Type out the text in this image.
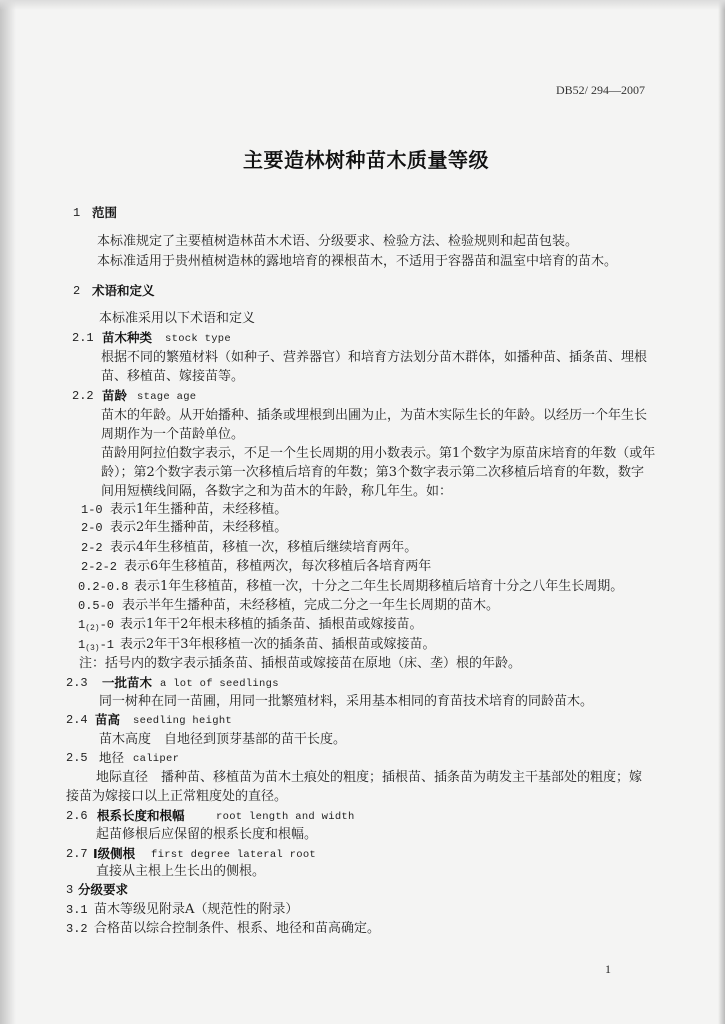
DB52/ 294—2007
主要造林树种苗木质量等级
1 范围
本标准规定了主要植树造林苗木术语、分级要求、检验方法、检验规则和起苗包装。
本标准适用于贵州植树造林的露地培育的裸根苗木，不适用于容器苗和温室中培育的苗木。
2 术语和定义
本标准采用以下术语和定义
2.1 苗木种类 stock type
根据不同的繁殖材料（如种子、营养器官）和培育方法划分苗木群体，如播种苗、插条苗、埋根
苗、移植苗、嫁接苗等。
2.2 苗龄 stage age
苗木的年龄。从开始播种、插条或埋根到出圃为止，为苗木实际生长的年龄。以经历一个年生长
周期作为一个苗龄单位。
苗龄用阿拉伯数字表示，不足一个生长周期的用小数表示。第1个数字为原苗床培育的年数（或年
龄）；第2个数字表示第一次移植后培育的年数；第3个数字表示第二次移植后培育的年数，数字
间用短横线间隔，各数字之和为苗木的年龄，称几年生。如：
1-0 表示1年生播种苗，未经移植。
2-0 表示2年生播种苗，未经移植。
2-2 表示4年生移植苗，移植一次，移植后继续培育两年。
2-2-2 表示6年生移植苗，移植两次，每次移植后各培育两年
0.2-0.8 表示1年生移植苗，移植一次，十分之二年生长周期移植后培育十分之八年生长周期。
0.5-0 表示半年生播种苗，未经移植，完成二分之一年生长周期的苗木。
$1_{(2)}-0$ 表示1年干2年根未移植的插条苗、插根苗或嫁接苗。
$1_{(3)}-1$ 表示2年干3年根移植一次的插条苗、插根苗或嫁接苗。
注：括号内的数字表示插条苗、插根苗或嫁接苗在原地（床、垄）根的年龄。
2.3 一批苗木 a lot of seedlings
同一树种在同一苗圃，用同一批繁殖材料，采用基本相同的育苗技术培育的同龄苗木。
2.4 苗高 seedling height
苗木高度　自地径到顶芽基部的苗干长度。
2.5 地径 caliper
地际直径　播种苗、移植苗为苗木土痕处的粗度；插根苗、插条苗为萌发主干基部处的粗度；嫁
接苗为嫁接口以上正常粗度处的直径。
2.6 根系长度和根幅	root length and width
起苗修根后应保留的根系长度和根幅。
2.7 Ⅰ级侧根 first degree lateral root
直接从主根上生长出的侧根。
3 分级要求
3.1 苗木等级见附录A（规范性的附录）
3.2 合格苗以综合控制条件、根系、地径和苗高确定。
1
